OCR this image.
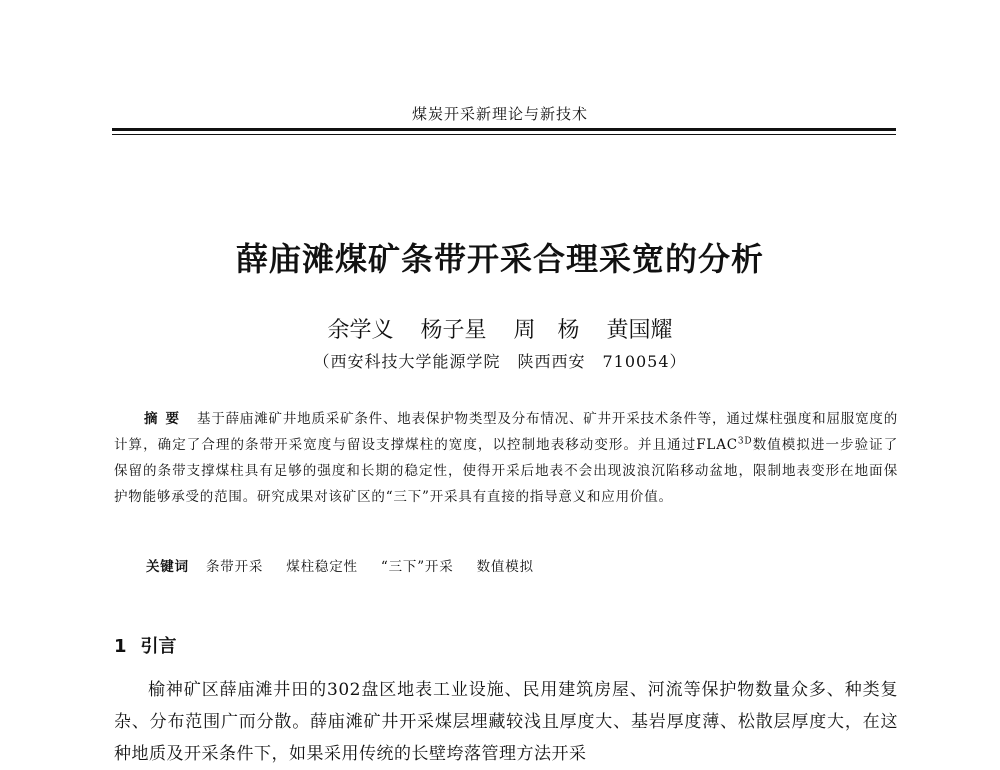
煤炭开采新理论与新技术
薛庙滩煤矿条带开采合理采宽的分析
余学义 杨子星 周　杨 黄国耀
（西安科技大学能源学院　陕西西安　710054）

摘要 基于薛庙滩矿井地质采矿条件、地表保护物类型及分布情况、矿井开采技术条件等，通过煤柱强度和屈服宽度的计算，确定了合理的条带开采宽度与留设支撑煤柱的宽度，以控制地表移动变形。并且通过$FLAC^{3D}$数值模拟进一步验证了保留的条带支撑煤柱具有足够的强度和长期的稳定性，使得开采后地表不会出现波浪沉陷移动盆地，限制地表变形在地面保护物能够承受的范围。研究成果对该矿区的“三下”开采具有直接的指导意义和应用价值。

关键词 条带开采 煤柱稳定性 “三下”开采 数值模拟
1 引言

榆神矿区薛庙滩井田的302盘区地表工业设施、民用建筑房屋、河流等保护物数量众多、种类复杂、分布范围广而分散。薛庙滩矿井开采煤层埋藏较浅且厚度大、基岩厚度薄、松散层厚度大，在这种地质及开采条件下，如果采用传统的长壁垮落管理方法开采
